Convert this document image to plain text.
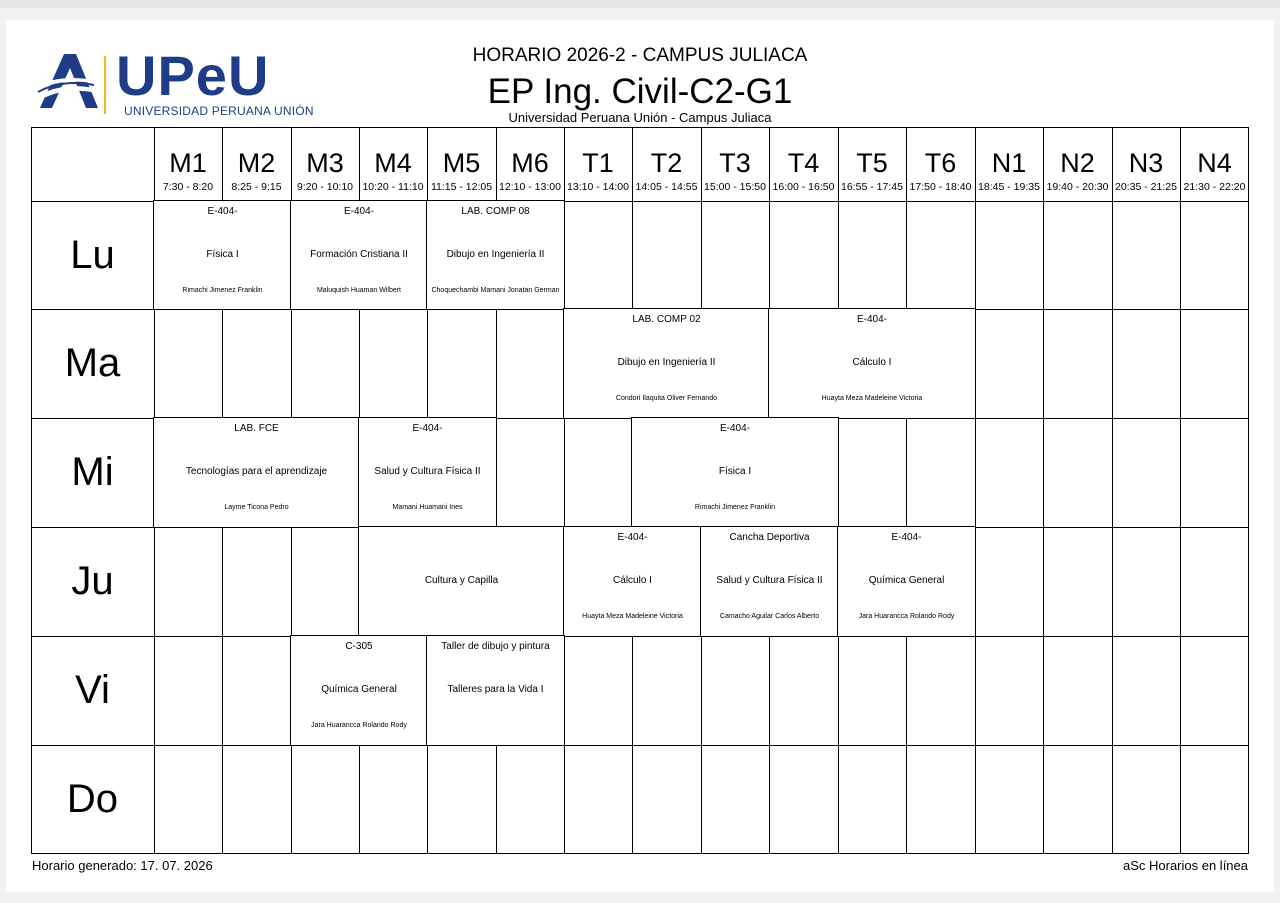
UPeU
UNIVERSIDAD PERUANA UNIÓN
HORARIO 2026-2 - CAMPUS JULIACA
EP Ing. Civil-C2-G1
Universidad Peruana Unión - Campus Juliaca
M1
7:30 - 8:20
M2
8:25 - 9:15
M3
9:20 - 10:10
M4
10:20 - 11:10
M5
11:15 - 12:05
M6
12:10 - 13:00
T1
13:10 - 14:00
T2
14:05 - 14:55
T3
15:00 - 15:50
T4
16:00 - 16:50
T5
16:55 - 17:45
T6
17:50 - 18:40
N1
18:45 - 19:35
N2
19:40 - 20:30
N3
20:35 - 21:25
N4
21:30 - 22:20
Lu
Ma
Mi
Ju
Vi
Do
E-404-
Física I
Rimachi Jimenez Franklin
E-404-
Formación Cristiana II
Maluquish Huaman Wilbert
LAB. COMP 08
Dibujo en Ingeniería II
Choquechambi Mamani Jonatan German
LAB. COMP 02
Dibujo en Ingeniería II
Condori Ilaquita Oliver Fernando
E-404-
Cálculo I
Huayta Meza Madeleine Victoria
LAB. FCE
Tecnologías para el aprendizaje
Layme Ticona Pedro
E-404-
Salud y Cultura Física II
Mamani Huamani Ines
E-404-
Física I
Rimachi Jimenez Franklin
Cultura y Capilla
E-404-
Cálculo I
Huayta Meza Madeleine Victoria
Cancha Deportiva
Salud y Cultura Física II
Camacho Aguilar Carlos Alberto
E-404-
Química General
Jara Huarancca Rolando Rody
C-305
Química General
Jara Huarancca Rolando Rody
Taller de dibujo y pintura
Talleres para la Vida I
Horario generado: 17. 07. 2026	aSc Horarios en línea
